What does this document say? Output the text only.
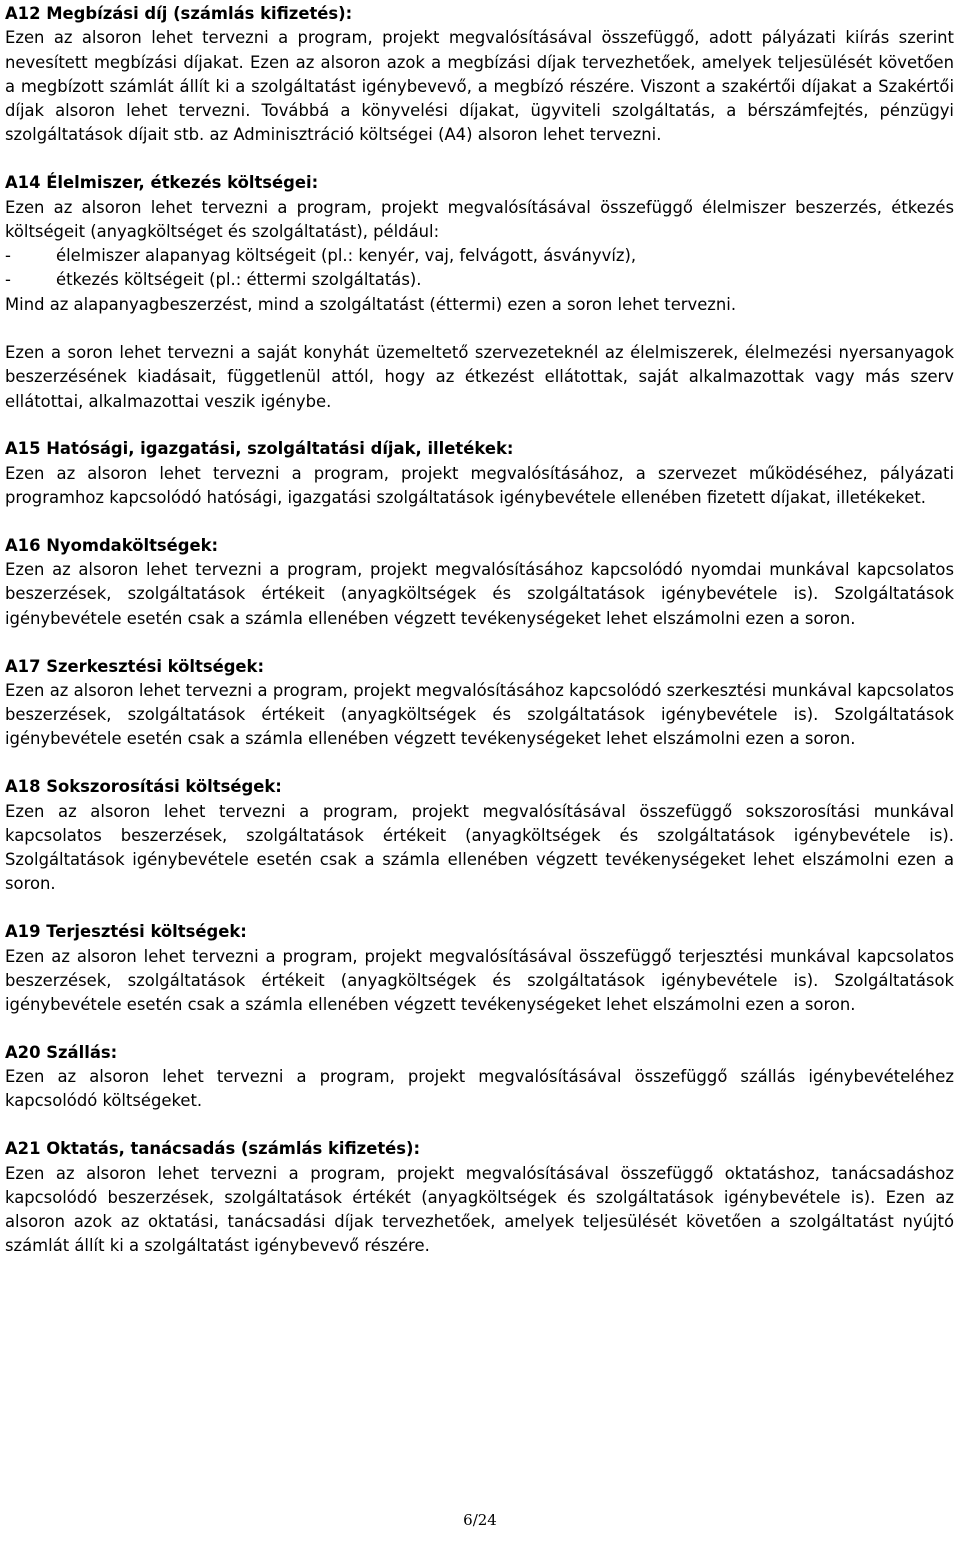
A12 Megbízási díj (számlás kifizetés):
Ezen az alsoron lehet tervezni a program, projekt megvalósításával összefüggő, adott pályázati kiírás szerint nevesített megbízási díjakat. Ezen az alsoron azok a megbízási díjak tervezhetőek, amelyek teljesülését követően a megbízott számlát állít ki a szolgáltatást igénybevevő, a megbízó részére. Viszont a szakértői díjakat a Szakértői díjak alsoron lehet tervezni. Továbbá a könyvelési díjakat, ügyviteli szolgáltatás, a bérszámfejtés, pénzügyi szolgáltatások díjait stb. az Adminisztráció költségei (A4) alsoron lehet tervezni.
A14 Élelmiszer, étkezés költségei:
Ezen az alsoron lehet tervezni a program, projekt megvalósításával összefüggő élelmiszer beszerzés, étkezés költségeit (anyagköltséget és szolgáltatást), például:
-	élelmiszer alapanyag költségeit (pl.: kenyér, vaj, felvágott, ásványvíz),
-	étkezés költségeit (pl.: éttermi szolgáltatás).
Mind az alapanyagbeszerzést, mind a szolgáltatást (éttermi) ezen a soron lehet tervezni.
Ezen a soron lehet tervezni a saját konyhát üzemeltető szervezeteknél az élelmiszerek, élelmezési nyersanyagok beszerzésének kiadásait, függetlenül attól, hogy az étkezést ellátottak, saját alkalmazottak vagy más szerv ellátottai, alkalmazottai veszik igénybe.
A15 Hatósági, igazgatási, szolgáltatási díjak, illetékek:
Ezen az alsoron lehet tervezni a program, projekt megvalósításához, a szervezet működéséhez, pályázati programhoz kapcsolódó hatósági, igazgatási szolgáltatások igénybevétele ellenében fizetett díjakat, illetékeket.
A16 Nyomdaköltségek:
Ezen az alsoron lehet tervezni a program, projekt megvalósításához kapcsolódó nyomdai munkával kapcsolatos beszerzések, szolgáltatások értékeit (anyagköltségek és szolgáltatások igénybevétele is). Szolgáltatások igénybevétele esetén csak a számla ellenében végzett tevékenységeket lehet elszámolni ezen a soron.
A17 Szerkesztési költségek:
Ezen az alsoron lehet tervezni a program, projekt megvalósításához kapcsolódó szerkesztési munkával kapcsolatos beszerzések, szolgáltatások értékeit (anyagköltségek és szolgáltatások igénybevétele is). Szolgáltatások igénybevétele esetén csak a számla ellenében végzett tevékenységeket lehet elszámolni ezen a soron.
A18 Sokszorosítási költségek:
Ezen az alsoron lehet tervezni a program, projekt megvalósításával összefüggő sokszorosítási munkával kapcsolatos beszerzések, szolgáltatások értékeit (anyagköltségek és szolgáltatások igénybevétele is). Szolgáltatások igénybevétele esetén csak a számla ellenében végzett tevékenységeket lehet elszámolni ezen a soron.
A19 Terjesztési költségek:
Ezen az alsoron lehet tervezni a program, projekt megvalósításával összefüggő terjesztési munkával kapcsolatos beszerzések, szolgáltatások értékeit (anyagköltségek és szolgáltatások igénybevétele is). Szolgáltatások igénybevétele esetén csak a számla ellenében végzett tevékenységeket lehet elszámolni ezen a soron.
A20 Szállás:
Ezen az alsoron lehet tervezni a program, projekt megvalósításával összefüggő szállás igénybevételéhez kapcsolódó költségeket.
A21 Oktatás, tanácsadás (számlás kifizetés):
Ezen az alsoron lehet tervezni a program, projekt megvalósításával összefüggő oktatáshoz, tanácsadáshoz kapcsolódó beszerzések, szolgáltatások értékét (anyagköltségek és szolgáltatások igénybevétele is). Ezen az alsoron azok az oktatási, tanácsadási díjak tervezhetőek, amelyek teljesülését követően a szolgáltatást nyújtó számlát állít ki a szolgáltatást igénybevevő részére.
6/24
